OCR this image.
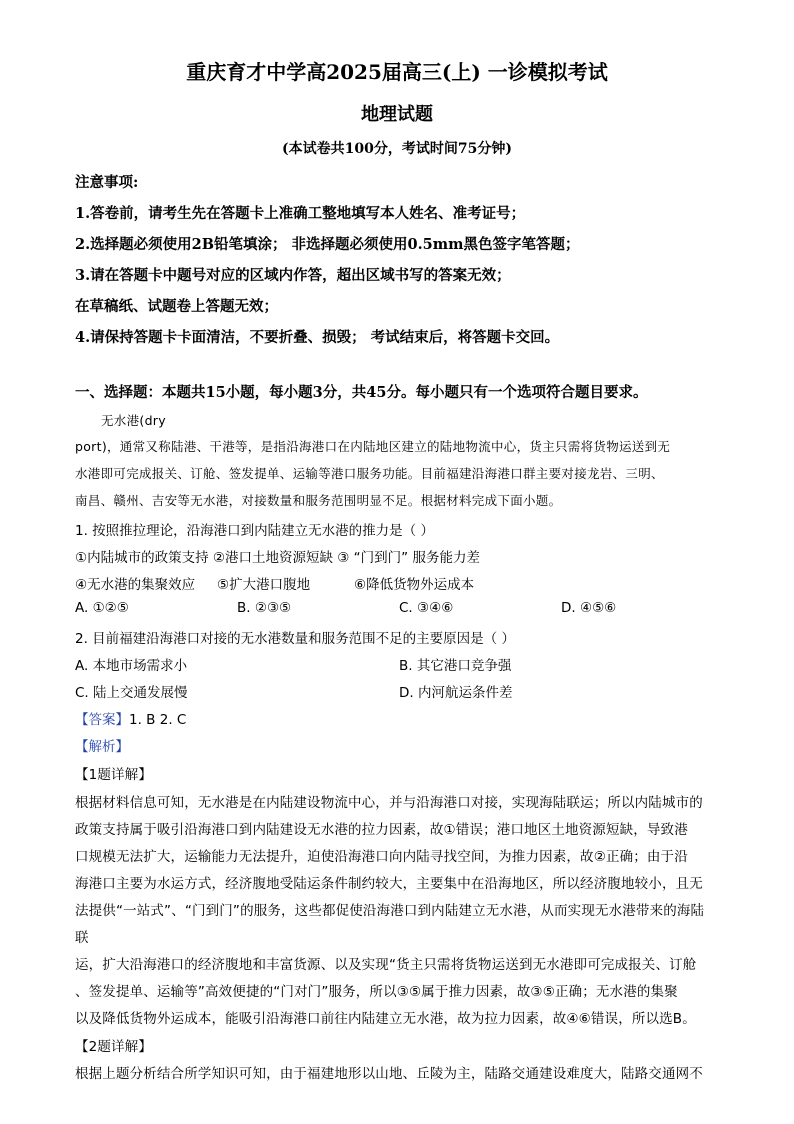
重庆育才中学高2025届高三(上) 一诊模拟考试
地理试题
(本试卷共100分，考试时间75分钟)
注意事项:
1.答卷前，请考生先在答题卡上准确工整地填写本人姓名、准考证号；
2.选择题必须使用2B铅笔填涂； 非选择题必须使用0.5mm黑色签字笔答题；
3.请在答题卡中题号对应的区域内作答，超出区域书写的答案无效；
在草稿纸、试题卷上答题无效；
4.请保持答题卡卡面清洁，不要折叠、损毁； 考试结束后，将答题卡交回。
一、选择题：本题共15小题，每小题3分，共45分。每小题只有一个选项符合题目要求。
无水港(dry
port)，通常又称陆港、干港等，是指沿海港口在内陆地区建立的陆地物流中心，货主只需将货物运送到无
水港即可完成报关、订舱、签发提单、运输等港口服务功能。目前福建沿海港口群主要对接龙岩、三明、
南昌、赣州、吉安等无水港，对接数量和服务范围明显不足。根据材料完成下面小题。
1. 按照推拉理论，沿海港口到内陆建立无水港的推力是（ ）
①内陆城市的政策支持 ②港口土地资源短缺 ③ “门到门” 服务能力差
④无水港的集聚效应 ⑤扩大港口腹地	⑥降低货物外运成本
A. ①②⑤	B. ②③⑤	C. ③④⑥	D. ④⑤⑥
2. 目前福建沿海港口对接的无水港数量和服务范围不足的主要原因是（ ）
A. 本地市场需求小	B. 其它港口竞争强
C. 陆上交通发展慢	D. 内河航运条件差
【答案】1. B 2. C
【解析】
【1题详解】
根据材料信息可知，无水港是在内陆建设物流中心，并与沿海港口对接，实现海陆联运；所以内陆城市的
政策支持属于吸引沿海港口到内陆建设无水港的拉力因素，故①错误；港口地区土地资源短缺，导致港
口规模无法扩大，运输能力无法提升，迫使沿海港口向内陆寻找空间，为推力因素，故②正确；由于沿
海港口主要为水运方式，经济腹地受陆运条件制约较大，主要集中在沿海地区，所以经济腹地较小，且无
法提供“一站式”、“门到门”的服务，这些都促使沿海港口到内陆建立无水港，从而实现无水港带来的海陆
联
运，扩大沿海港口的经济腹地和丰富货源、以及实现“货主只需将货物运送到无水港即可完成报关、订舱
、签发提单、运输等”高效便捷的“门对门”服务，所以③⑤属于推力因素，故③⑤正确；无水港的集聚
以及降低货物外运成本，能吸引沿海港口前往内陆建立无水港，故为拉力因素，故④⑥错误，所以选B。
【2题详解】
根据上题分析结合所学知识可知，由于福建地形以山地、丘陵为主，陆路交通建设难度大，陆路交通网不
